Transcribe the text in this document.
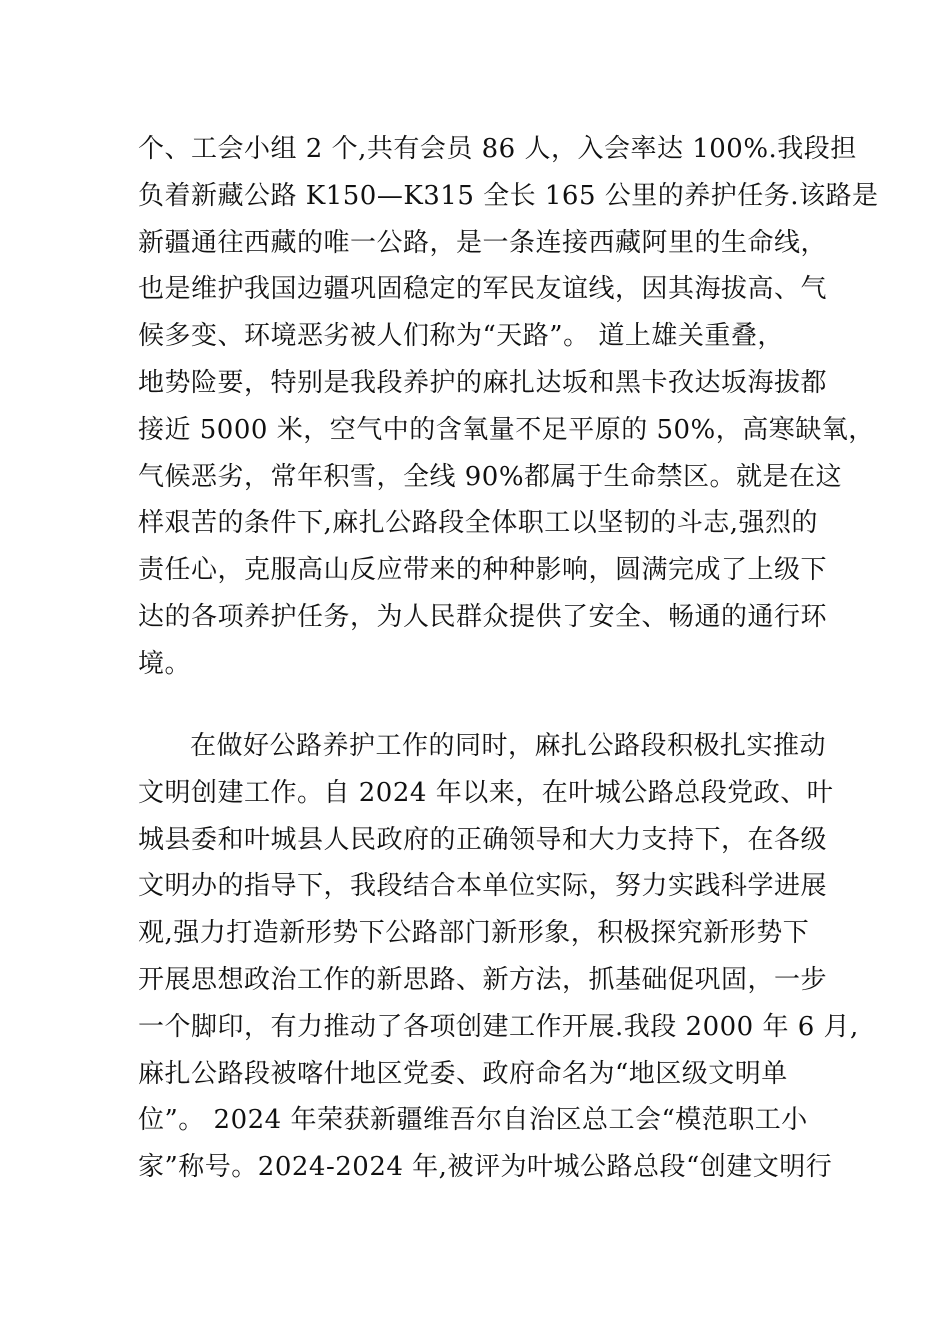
个、工会小组 2 个,共有会员 86 人，入会率达 100%.我段担
负着新藏公路 K150—K315 全长 165 公里的养护任务.该路是
新疆通往西藏的唯一公路，是一条连接西藏阿里的生命线，
也是维护我国边疆巩固稳定的军民友谊线，因其海拔高、气
候多变、环境恶劣被人们称为“天路”。 道上雄关重叠，
地势险要，特别是我段养护的麻扎达坂和黑卡孜达坂海拔都
接近 5000 米，空气中的含氧量不足平原的 50%，高寒缺氧，
气候恶劣，常年积雪，全线 90%都属于生命禁区。就是在这
样艰苦的条件下,麻扎公路段全体职工以坚韧的斗志,强烈的
责任心，克服高山反应带来的种种影响，圆满完成了上级下
达的各项养护任务，为人民群众提供了安全、畅通的通行环
境。
在做好公路养护工作的同时，麻扎公路段积极扎实推动
文明创建工作。自 2024 年以来，在叶城公路总段党政、叶
城县委和叶城县人民政府的正确领导和大力支持下，在各级
文明办的指导下，我段结合本单位实际，努力实践科学进展
观,强力打造新形势下公路部门新形象，积极探究新形势下
开展思想政治工作的新思路、新方法，抓基础促巩固，一步
一个脚印，有力推动了各项创建工作开展.我段 2000 年 6 月,
麻扎公路段被喀什地区党委、政府命名为“地区级文明单
位”。 2024 年荣获新疆维吾尔自治区总工会“模范职工小
家”称号。2024-2024 年,被评为叶城公路总段“创建文明行
